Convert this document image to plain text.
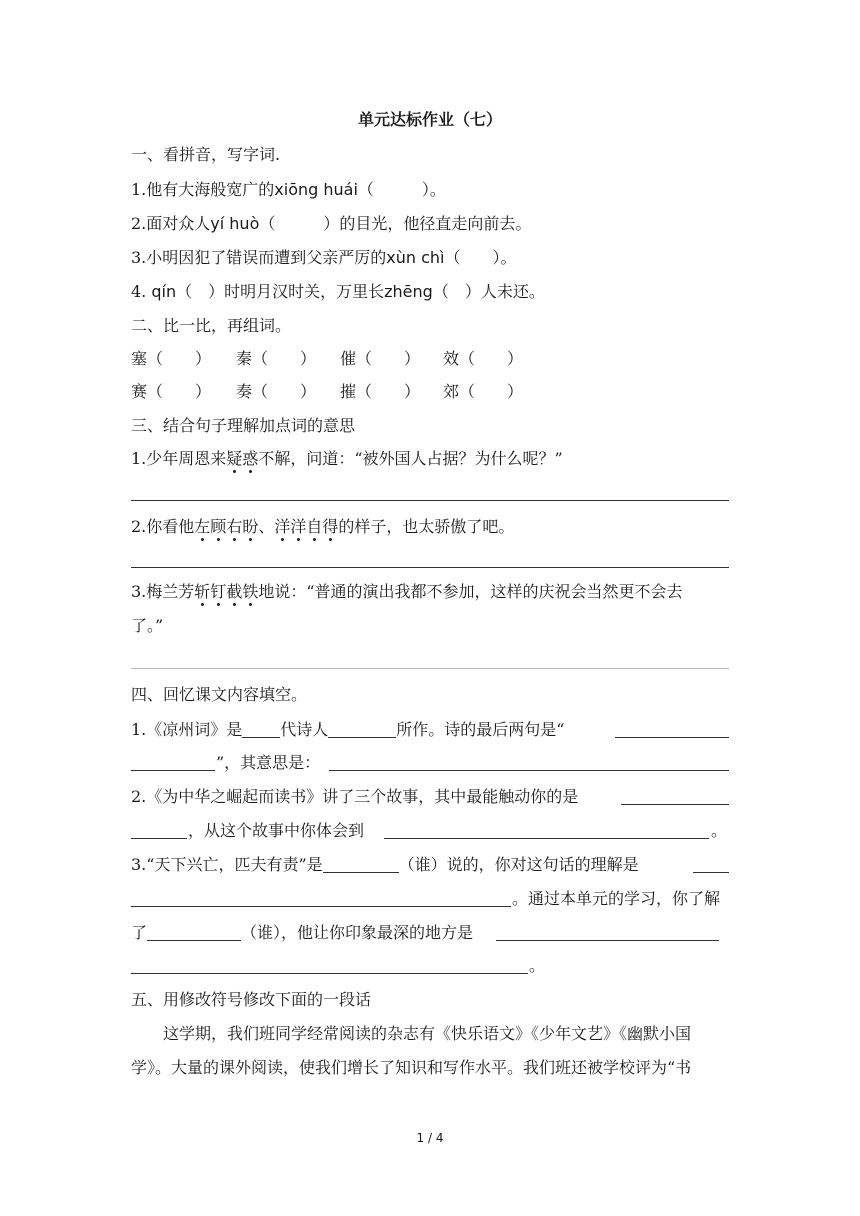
单元达标作业（七）
一、看拼音，写字词.
1.他有大海般宽广的xiōng huái（　　　）。
2.面对众人yí huò（　　　）的目光，他径直走向前去。
3.小明因犯了错误而遭到父亲严厉的xùn chì（　　）。
4. qín（　）时明月汉时关，万里长zhēng（　）人未还。
二、比一比，再组词。
塞（　　） 秦（　　） 催（　　） 效（　　）
赛（　　） 奏（　　） 摧（　　） 郊（　　）
三、结合句子理解加点词的意思
1.少年周恩来疑惑不解，问道：“被外国人占据？为什么呢？”
2.你看他左顾右盼、洋洋自得的样子，也太骄傲了吧。
3.梅兰芳斩钉截铁地说：“普通的演出我都不参加，这样的庆祝会当然更不会去
了。”
四、回忆课文内容填空。
1.《凉州词》是 代诗人	所作。诗的最后两句是“
”，其意思是：
2.《为中华之崛起而读书》讲了三个故事，其中最能触动你的是
，从这个故事中你体会到	。
3.“天下兴亡，匹夫有责”是	（谁）说的，你对这句话的理解是
。通过本单元的学习，你了解
了	（谁），他让你印象最深的地方是
。
五、用修改符号修改下面的一段话
这学期，我们班同学经常阅读的杂志有《快乐语文》《少年文艺》《幽默小国
学》。大量的课外阅读，使我们增长了知识和写作水平。我们班还被学校评为“书
1 / 4
